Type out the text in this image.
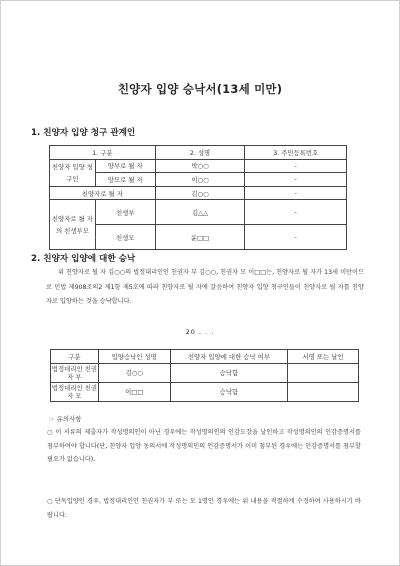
친양자 입양 승낙서(13세 미만)
1. 친양자 입양 청구 관계인
1. 구분		2. 성명	3. 주민등록번호
친양자 입양 청구인	양부로 될 자	박○○	-
	양모로 될 자	이○○	-
친양자로 될 자		김○○	-
친양자로 될 자의 친생부모	친생부	김△△	-
	친생모	윤□□	-
2. 친양자 입양에 대한 승낙
위 친양자로 될 자 김○○의 법정대리인인 친권자 부 김○○, 친권자 모 이□□는, 친양자로 될 자가 13세 미만이므로 민법 제908조의2 제1항 제5호에 따라 친양자로 될 자에 갈음하여 친양자 입양 청구인들이 친양자로 될 자를 친양자로 입양하는 것을 승낙합니다.
20 . . .
구분	입양승낙인 성명	친양자 입양에 대한 승낙 여부	서명 또는 날인
법정대리인 친권자 부	김○○	승낙함	
법정대리인 친권자 모	이□□	승낙함	
☞ 유의사항
○ 이 서류의 제출자가 작성명의인이 아닌 경우에는 작성명의인의 인감도장을 날인하고 작성명의인의 인감증명서를 첨부하여야 합니다(단, 친양자 입양 동의서에 작성명의인의 인감증명서가 이미 첨부된 경우에는 인감증명서를 첨부할 필요가 없습니다).
○ 단독입양인 경우, 법정대리인인 친권자가 부 또는 모 1명인 경우에는 위 내용을 적절하게 수정하여 사용하시기 바랍니다.
